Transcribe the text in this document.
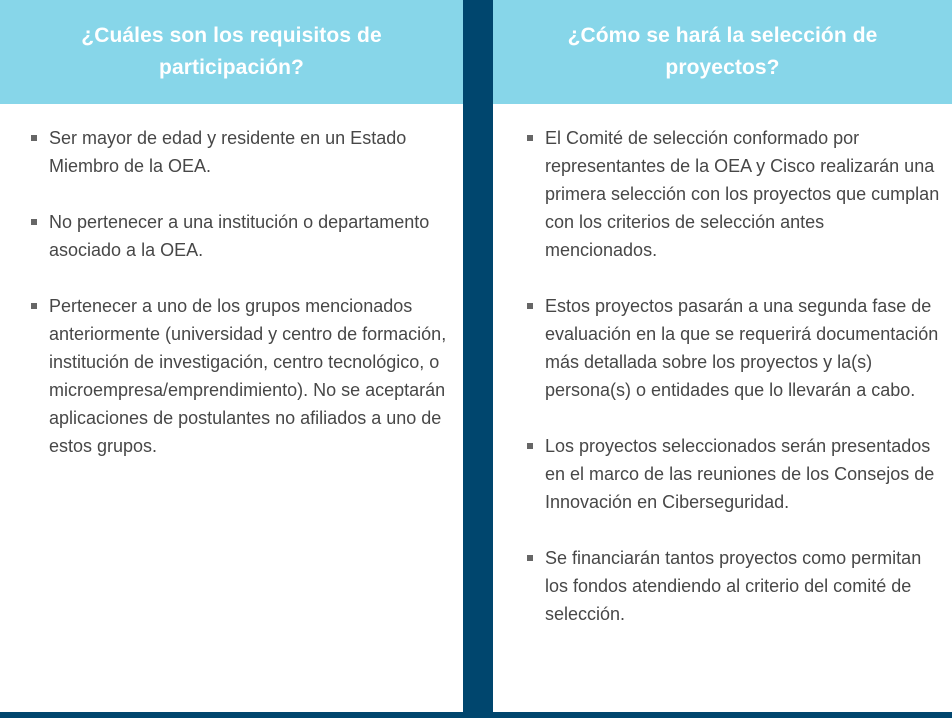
¿Cuáles son los requisitos de participación?
Ser mayor de edad y residente en un Estado Miembro de la OEA.
No pertenecer a una institución o departamento asociado a la OEA.
Pertenecer a uno de los grupos mencionados anteriormente (universidad y centro de formación, institución de investigación, centro tecnológico, o microempresa/emprendimiento). No se aceptarán aplicaciones de postulantes no afiliados a uno de estos grupos.
¿Cómo se hará la selección de proyectos?
El Comité de selección conformado por representantes de la OEA y Cisco realizarán una primera selección con los proyectos que cumplan con los criterios de selección antes mencionados.
Estos proyectos pasarán a una segunda fase de evaluación en la que se requerirá documentación más detallada sobre los proyectos y la(s) persona(s) o entidades que lo llevarán a cabo.
Los proyectos seleccionados serán presentados en el marco de las reuniones de los Consejos de Innovación en Ciberseguridad.
Se financiarán tantos proyectos como permitan los fondos atendiendo al criterio del comité de selección.
